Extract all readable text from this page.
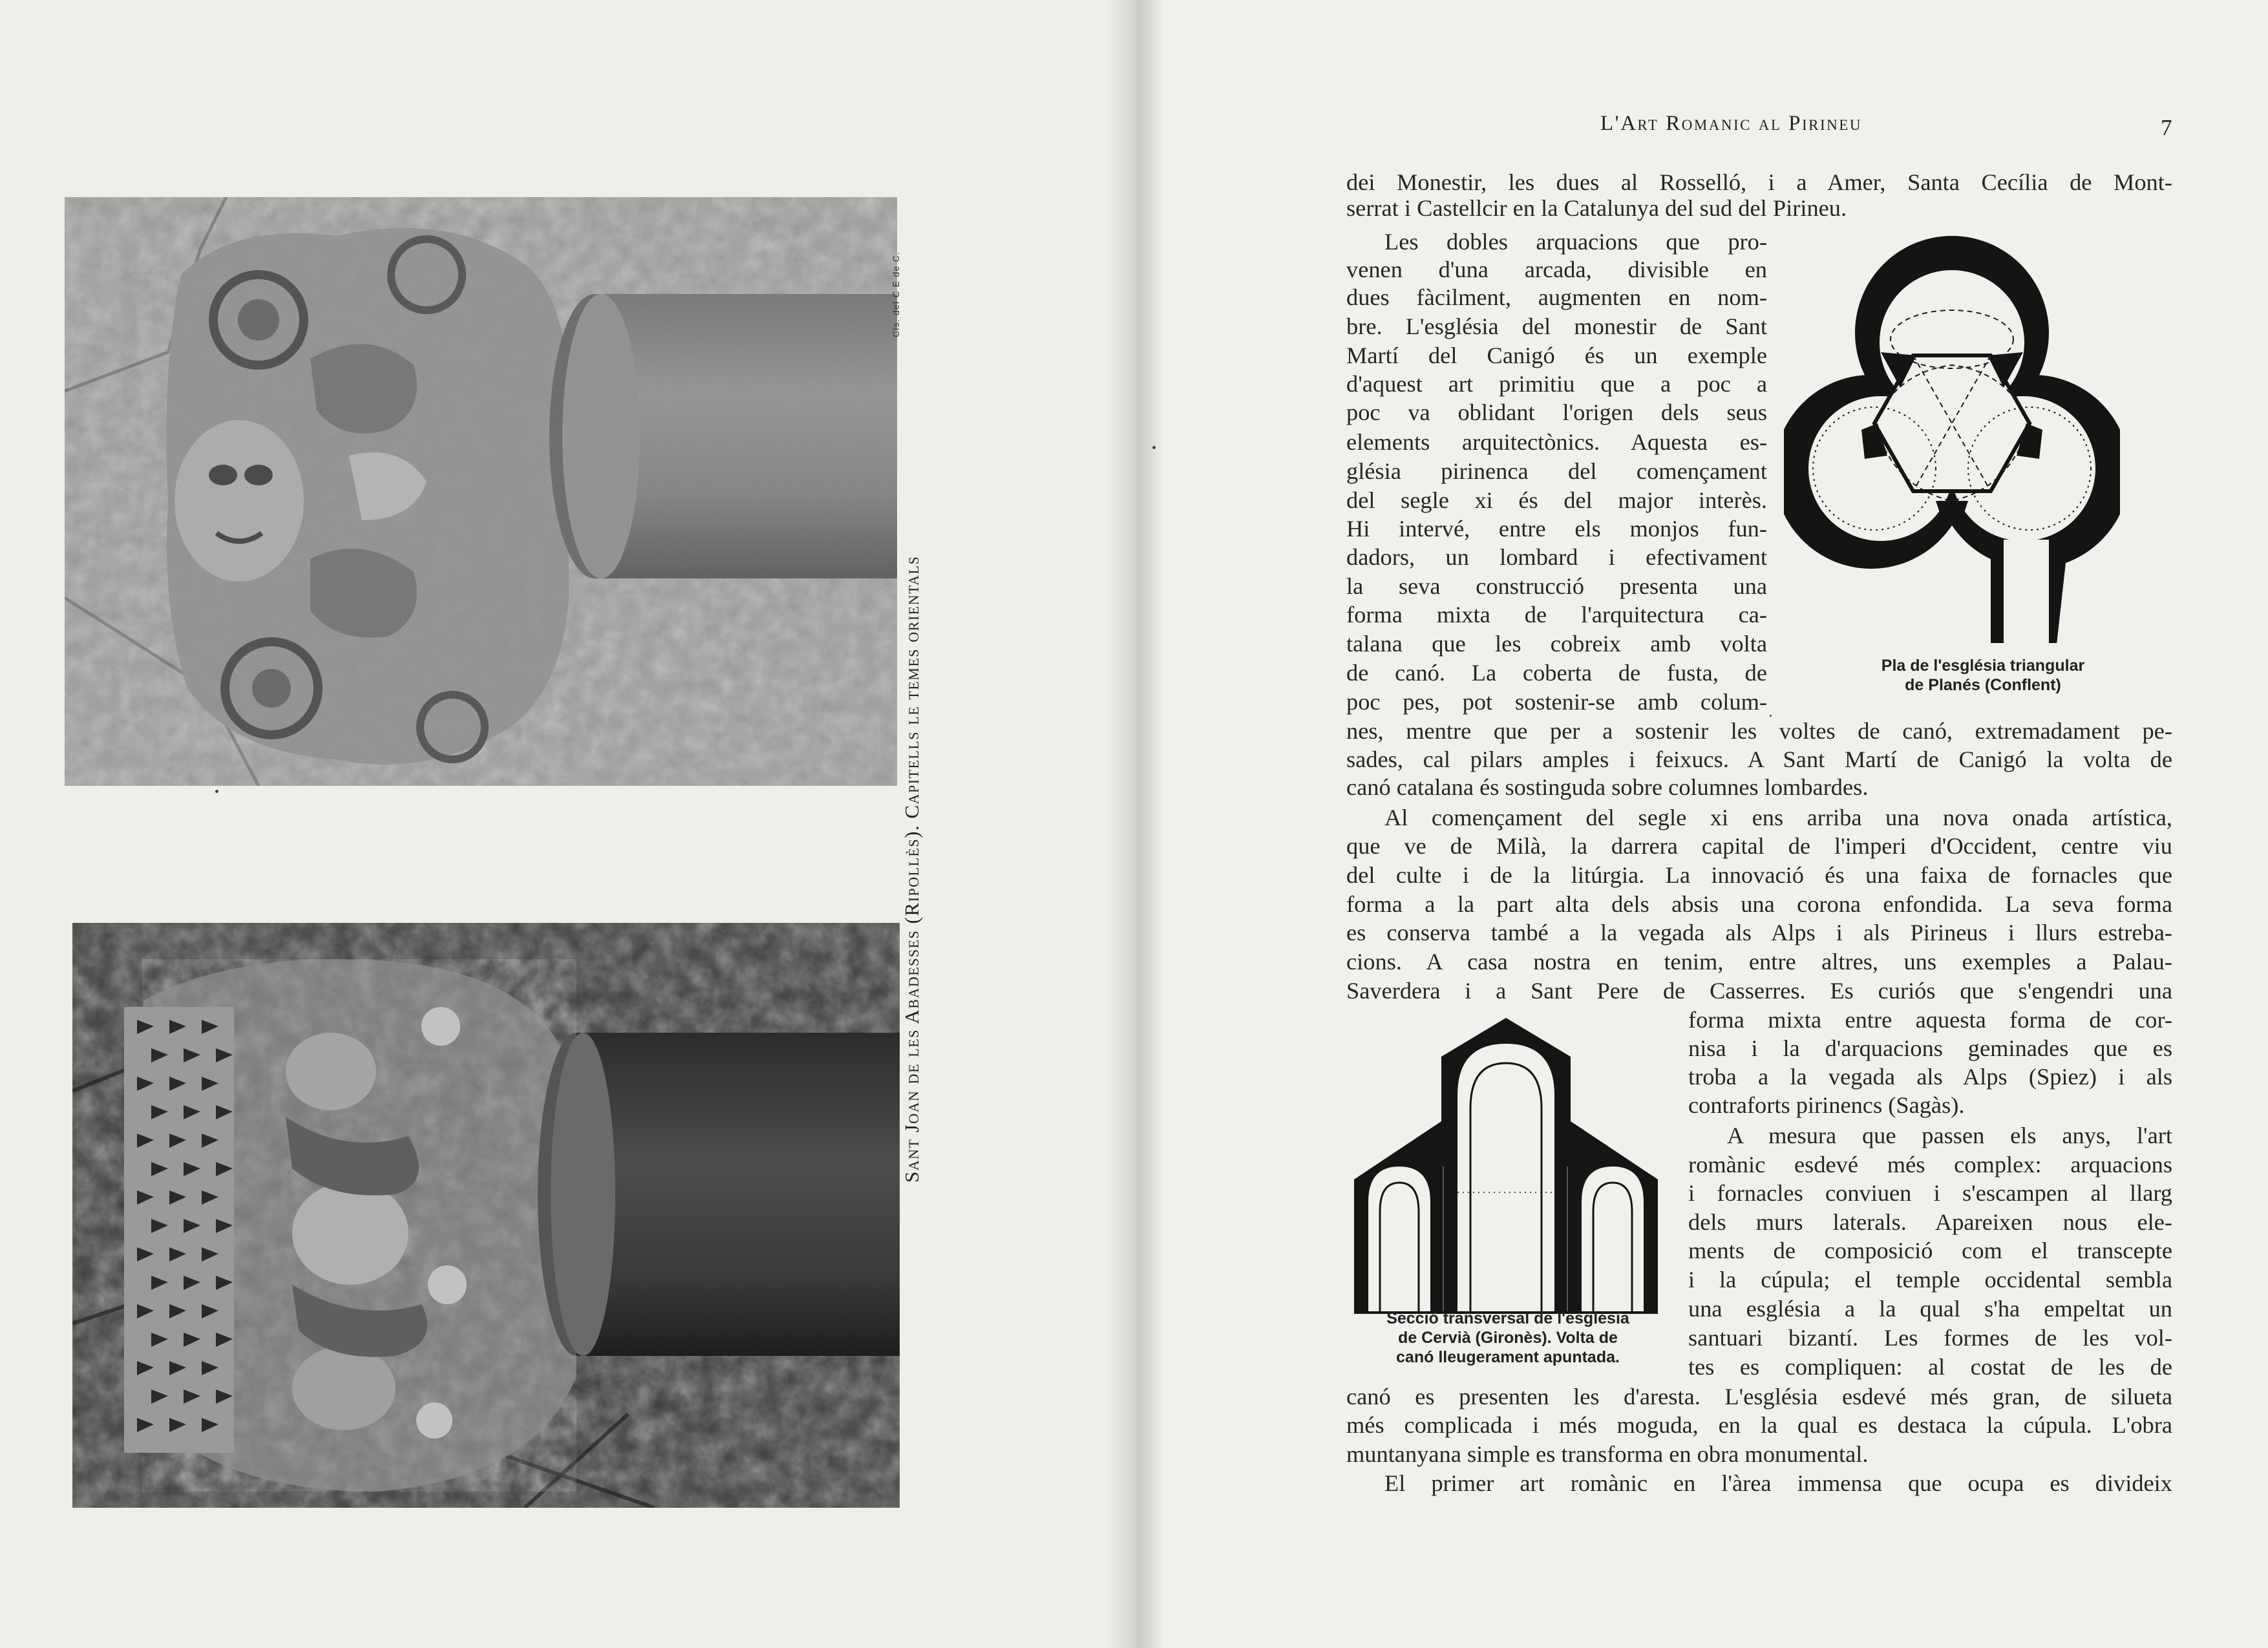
Sant Joan de les Abadesses (Ripollès). Capitells le temes orientals
Cls. del C E de C.
L'Art Romanic al Pirineu	7
dei Monestir, les dues al Rosselló, i a Amer, Santa Cecília de Mont-
serrat i Castellcir en la Catalunya del sud del Pirineu.
Les dobles arquacions que pro-
venen d'una arcada, divisible en
dues fàcilment, augmenten en nom-
bre. L'església del monestir de Sant
Martí del Canigó és un exemple
d'aquest art primitiu que a poc a
poc va oblidant l'origen dels seus
elements arquitectònics. Aquesta es-
glésia pirinenca del començament
del segle xi és del major interès.
Hi intervé, entre els monjos fun-
dadors, un lombard i efectivament
la seva construcció presenta una
forma mixta de l'arquitectura ca-
talana que les cobreix amb volta
de canó. La coberta de fusta, de
poc pes, pot sostenir-se amb colum-
nes, mentre que per a sostenir les voltes de canó, extremadament pe-
sades, cal pilars amples i feixucs. A Sant Martí de Canigó la volta de
canó catalana és sostinguda sobre columnes lombardes.
Al començament del segle xi ens arriba una nova onada artística,
que ve de Milà, la darrera capital de l'imperi d'Occident, centre viu
del culte i de la litúrgia. La innovació és una faixa de fornacles que
forma a la part alta dels absis una corona enfondida. La seva forma
es conserva també a la vegada als Alps i als Pirineus i llurs estreba-
cions. A casa nostra en tenim, entre altres, uns exemples a Palau-
Saverdera i a Sant Pere de Casserres. Es curiós que s'engendri una
forma mixta entre aquesta forma de cor-
nisa i la d'arquacions geminades que es
troba a la vegada als Alps (Spiez) i als
contraforts pirinencs (Sagàs).
A mesura que passen els anys, l'art
romànic esdevé més complex: arquacions
i fornacles conviuen i s'escampen al llarg
dels murs laterals. Apareixen nous ele-
ments de composició com el transcepte
i la cúpula; el temple occidental sembla
una església a la qual s'ha empeltat un
santuari bizantí. Les formes de les vol-
tes es compliquen: al costat de les de
canó es presenten les d'aresta. L'església esdevé més gran, de silueta
més complicada i més moguda, en la qual es destaca la cúpula. L'obra
muntanyana simple es transforma en obra monumental.
El primer art romànic en l'àrea immensa que ocupa es divideix
Pla de l'església triangular
de Planés (Conflent)
Secció transversal de l'església
de Cervià (Gironès). Volta de
canó lleugerament apuntada.
